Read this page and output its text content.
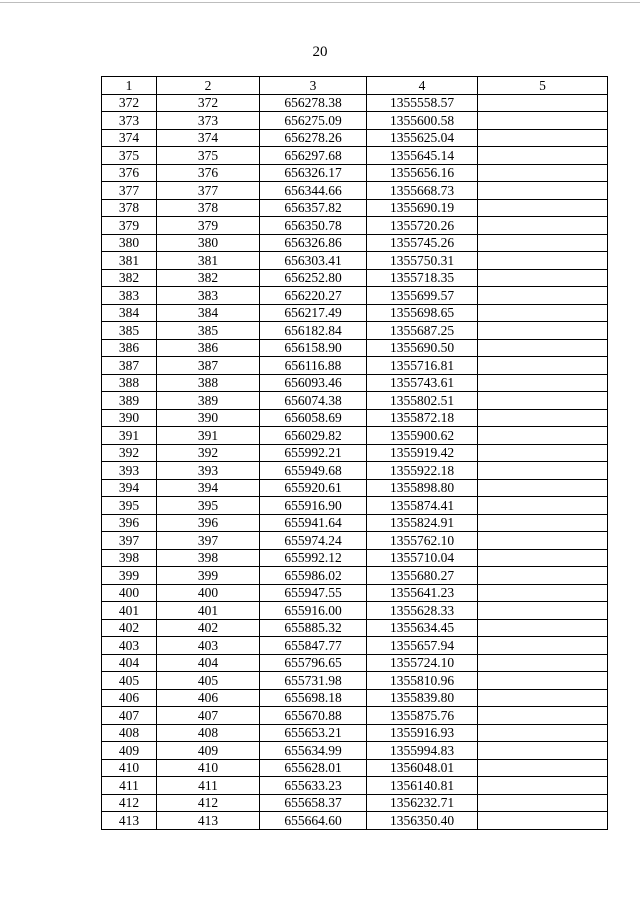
20
1	2	3	4	5
372	372	656278.38	1355558.57	
373	373	656275.09	1355600.58	
374	374	656278.26	1355625.04	
375	375	656297.68	1355645.14	
376	376	656326.17	1355656.16	
377	377	656344.66	1355668.73	
378	378	656357.82	1355690.19	
379	379	656350.78	1355720.26	
380	380	656326.86	1355745.26	
381	381	656303.41	1355750.31	
382	382	656252.80	1355718.35	
383	383	656220.27	1355699.57	
384	384	656217.49	1355698.65	
385	385	656182.84	1355687.25	
386	386	656158.90	1355690.50	
387	387	656116.88	1355716.81	
388	388	656093.46	1355743.61	
389	389	656074.38	1355802.51	
390	390	656058.69	1355872.18	
391	391	656029.82	1355900.62	
392	392	655992.21	1355919.42	
393	393	655949.68	1355922.18	
394	394	655920.61	1355898.80	
395	395	655916.90	1355874.41	
396	396	655941.64	1355824.91	
397	397	655974.24	1355762.10	
398	398	655992.12	1355710.04	
399	399	655986.02	1355680.27	
400	400	655947.55	1355641.23	
401	401	655916.00	1355628.33	
402	402	655885.32	1355634.45	
403	403	655847.77	1355657.94	
404	404	655796.65	1355724.10	
405	405	655731.98	1355810.96	
406	406	655698.18	1355839.80	
407	407	655670.88	1355875.76	
408	408	655653.21	1355916.93	
409	409	655634.99	1355994.83	
410	410	655628.01	1356048.01	
411	411	655633.23	1356140.81	
412	412	655658.37	1356232.71	
413	413	655664.60	1356350.40	
